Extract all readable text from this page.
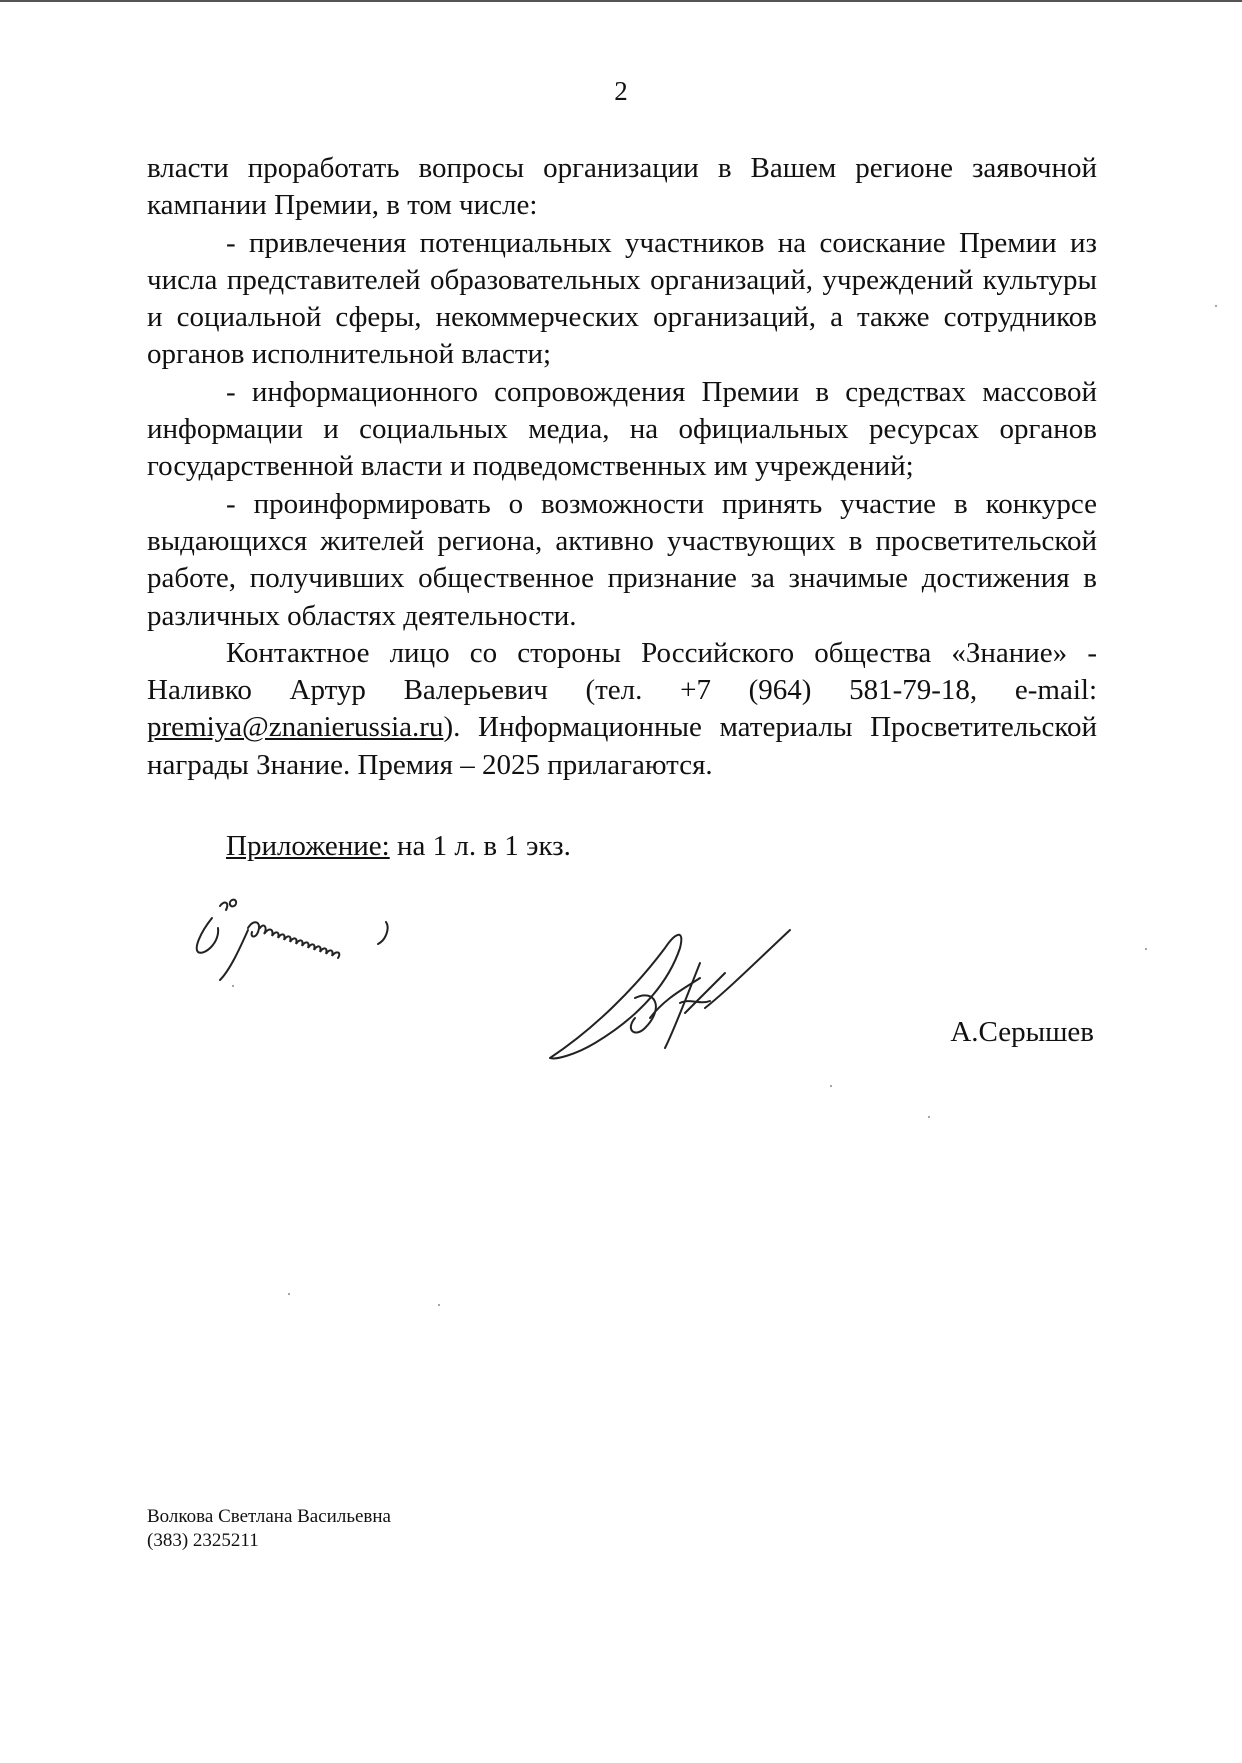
2

власти проработать вопросы организации в Вашем регионе заявочной кампании Премии, в том числе:

- привлечения потенциальных участников на соискание Премии из числа представителей образовательных организаций, учреждений культуры и социальной сферы, некоммерческих организаций, а также сотрудников органов исполнительной власти;

- информационного сопровождения Премии в средствах массовой информации и социальных медиа, на официальных ресурсах органов государственной власти и подведомственных им учреждений;

- проинформировать о возможности принять участие в конкурсе выдающихся жителей региона, активно участвующих в просветительской работе, получивших общественное признание за значимые достижения в различных областях деятельности.

Контактное лицо со стороны Российского общества «Знание» - Наливко Артур Валерьевич (тел. +7 (964) 581-79-18, e-mail: premiya@znanierussia.ru). Информационные материалы Просветительской награды Знание. Премия – 2025 прилагаются.

Приложение: на 1 л. в 1 экз.
А.Серышев
Волкова Светлана Васильевна
(383) 2325211
